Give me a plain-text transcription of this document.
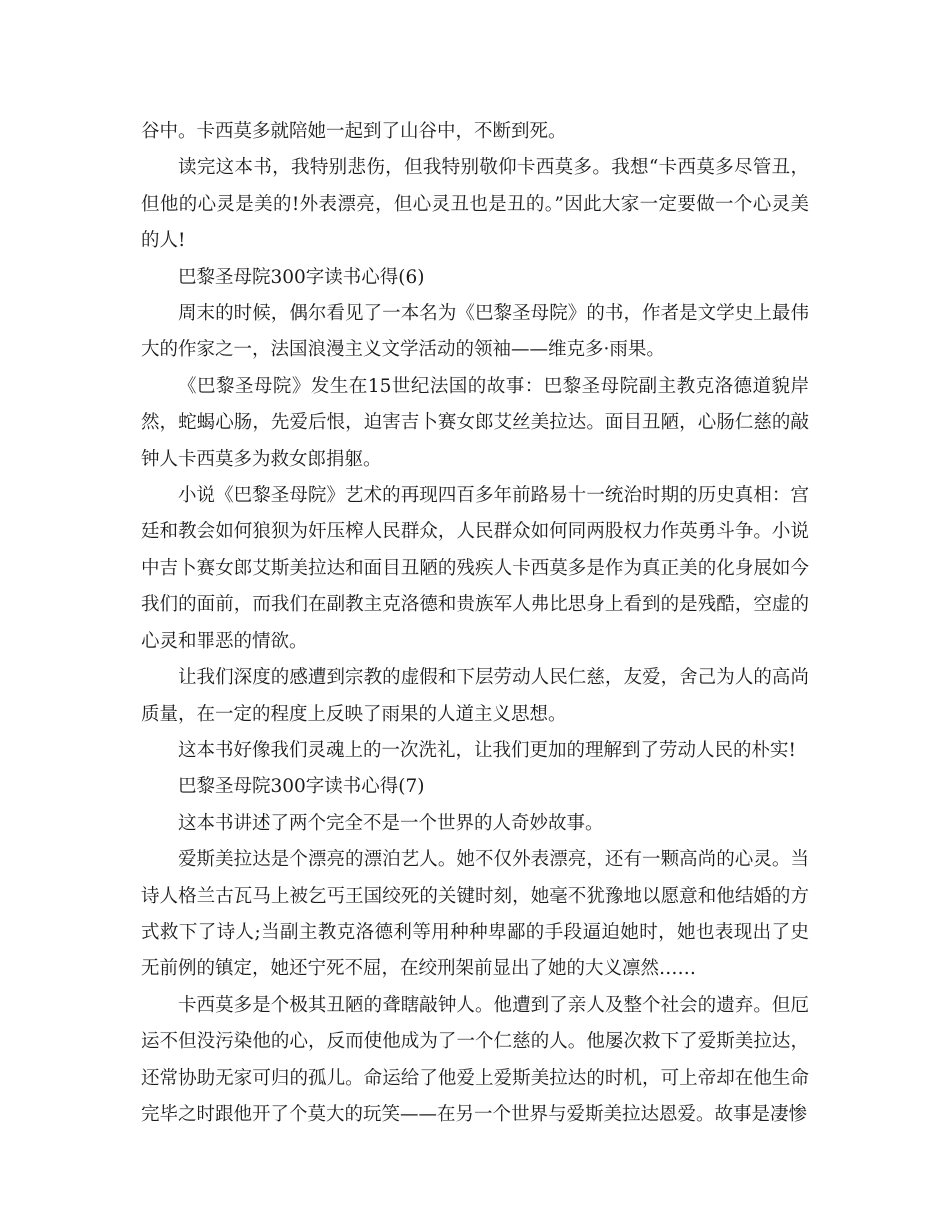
谷中。卡西莫多就陪她一起到了山谷中，不断到死。

读完这本书，我特别悲伤，但我特别敬仰卡西莫多。我想“卡西莫多尽管丑，但他的心灵是美的!外表漂亮，但心灵丑也是丑的。”因此大家一定要做一个心灵美的人!

巴黎圣母院300字读书心得(6)

周末的时候，偶尔看见了一本名为《巴黎圣母院》的书，作者是文学史上最伟大的作家之一，法国浪漫主义文学活动的领袖——维克多·雨果。

《巴黎圣母院》发生在15世纪法国的故事：巴黎圣母院副主教克洛德道貌岸然，蛇蝎心肠，先爱后恨，迫害吉卜赛女郎艾丝美拉达。面目丑陋，心肠仁慈的敲钟人卡西莫多为救女郎捐躯。

小说《巴黎圣母院》艺术的再现四百多年前路易十一统治时期的历史真相：宫廷和教会如何狼狈为奸压榨人民群众，人民群众如何同两股权力作英勇斗争。小说中吉卜赛女郎艾斯美拉达和面目丑陋的残疾人卡西莫多是作为真正美的化身展如今我们的面前，而我们在副教主克洛德和贵族军人弗比思身上看到的是残酷，空虚的心灵和罪恶的情欲。

让我们深度的感遭到宗教的虚假和下层劳动人民仁慈，友爱，舍己为人的高尚质量，在一定的程度上反映了雨果的人道主义思想。

这本书好像我们灵魂上的一次洗礼，让我们更加的理解到了劳动人民的朴实!

巴黎圣母院300字读书心得(7)

这本书讲述了两个完全不是一个世界的人奇妙故事。

爱斯美拉达是个漂亮的漂泊艺人。她不仅外表漂亮，还有一颗高尚的心灵。当诗人格兰古瓦马上被乞丐王国绞死的关键时刻，她毫不犹豫地以愿意和他结婚的方式救下了诗人;当副主教克洛德利等用种种卑鄙的手段逼迫她时，她也表现出了史无前例的镇定，她还宁死不屈，在绞刑架前显出了她的大义凛然……

卡西莫多是个极其丑陋的聋瞎敲钟人。他遭到了亲人及整个社会的遗弃。但厄运不但没污染他的心，反而使他成为了一个仁慈的人。他屡次救下了爱斯美拉达，还常协助无家可归的孤儿。命运给了他爱上爱斯美拉达的时机，可上帝却在他生命完毕之时跟他开了个莫大的玩笑——在另一个世界与爱斯美拉达恩爱。故事是凄惨
